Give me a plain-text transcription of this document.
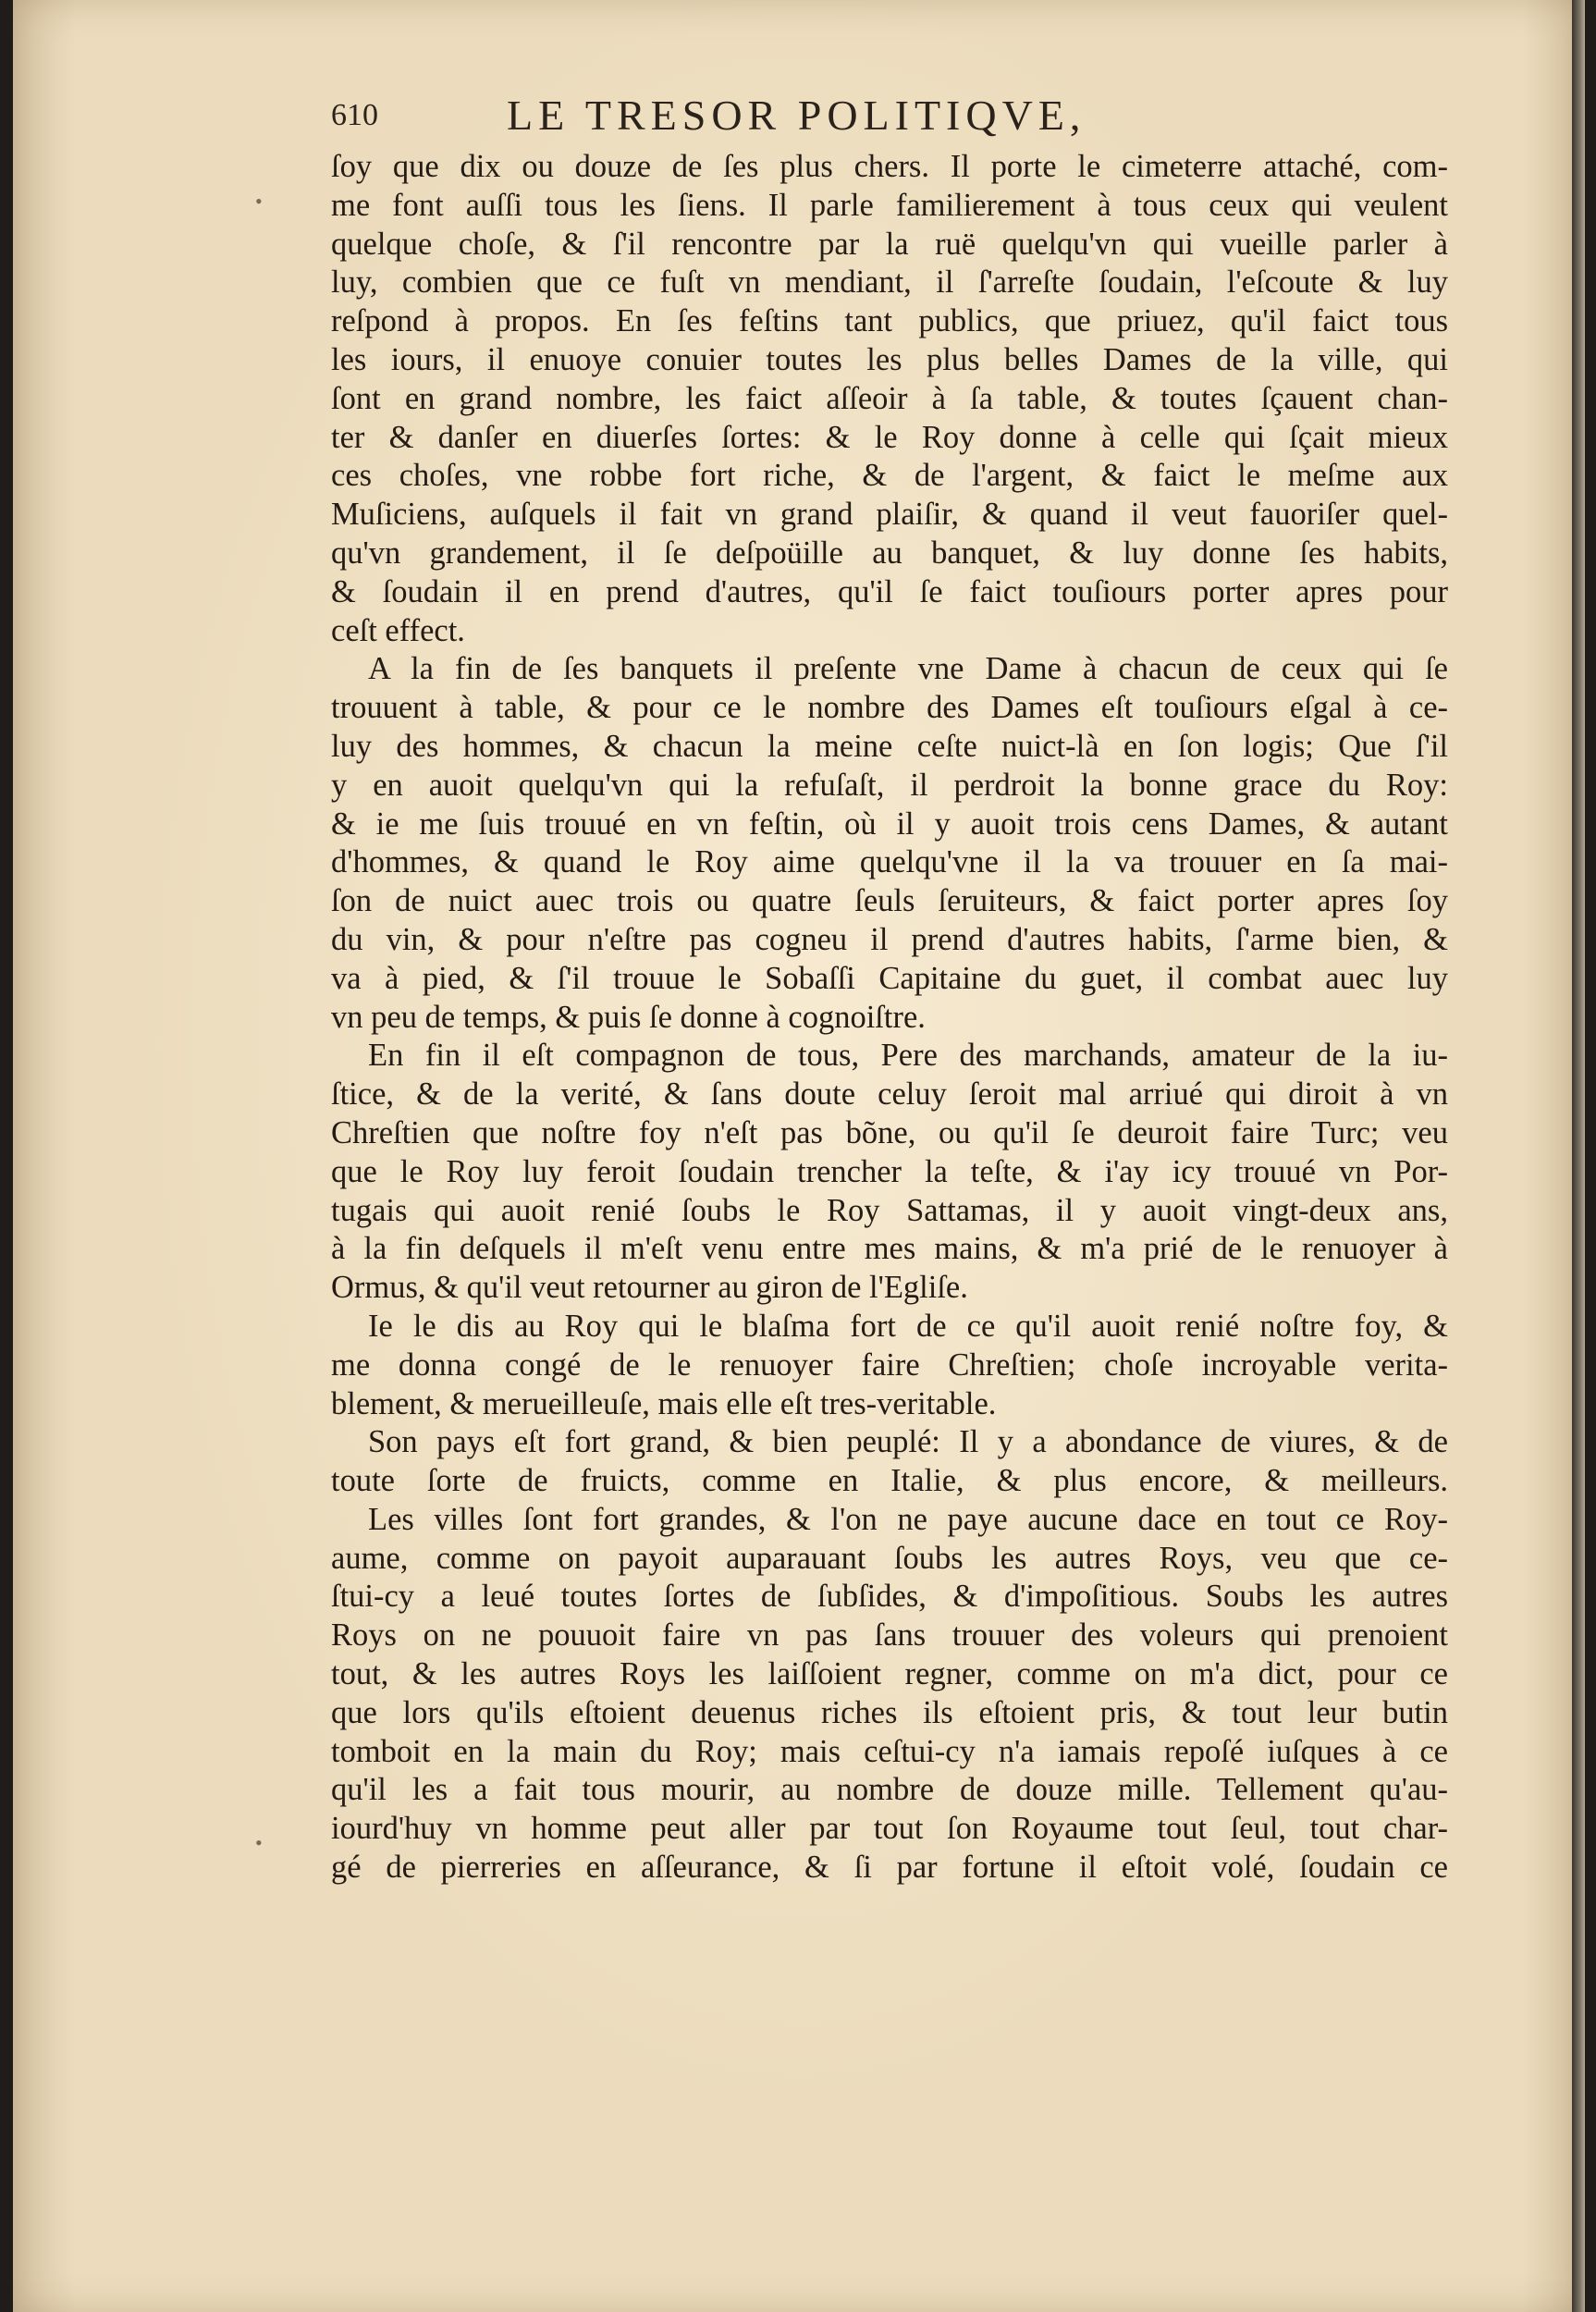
610	LE TRESOR POLITIQVE,
•
•
ſoy que dix ou douze de ſes plus chers. Il porte le cimeterre attaché, com-
me font auſſi tous les ſiens. Il parle familierement à tous ceux qui veulent
quelque choſe, & ſ'il rencontre par la ruë quelqu'vn qui vueille parler à
luy, combien que ce fuſt vn mendiant, il ſ'arreſte ſoudain, l'eſcoute & luy
reſpond à propos. En ſes feſtins tant publics, que priuez, qu'il faict tous
les iours, il enuoye conuier toutes les plus belles Dames de la ville, qui
ſont en grand nombre, les faict aſſeoir à ſa table, & toutes ſçauent chan-
ter & danſer en diuerſes ſortes: & le Roy donne à celle qui ſçait mieux
ces choſes, vne robbe fort riche, & de l'argent, & faict le meſme aux
Muſiciens, auſquels il fait vn grand plaiſir, & quand il veut fauoriſer quel-
qu'vn grandement, il ſe deſpoüille au banquet, & luy donne ſes habits,
& ſoudain il en prend d'autres, qu'il ſe faict touſiours porter apres pour
ceſt effect.
A la fin de ſes banquets il preſente vne Dame à chacun de ceux qui ſe
trouuent à table, & pour ce le nombre des Dames eſt touſiours eſgal à ce-
luy des hommes, & chacun la meine ceſte nuict-là en ſon logis; Que ſ'il
y en auoit quelqu'vn qui la refuſaſt, il perdroit la bonne grace du Roy:
& ie me ſuis trouué en vn feſtin, où il y auoit trois cens Dames, & autant
d'hommes, & quand le Roy aime quelqu'vne il la va trouuer en ſa mai-
ſon de nuict auec trois ou quatre ſeuls ſeruiteurs, & faict porter apres ſoy
du vin, & pour n'eſtre pas cogneu il prend d'autres habits, ſ'arme bien, &
va à pied, & ſ'il trouue le Sobaſſi Capitaine du guet, il combat auec luy
vn peu de temps, & puis ſe donne à cognoiſtre.
En fin il eſt compagnon de tous, Pere des marchands, amateur de la iu-
ſtice, & de la verité, & ſans doute celuy ſeroit mal arriué qui diroit à vn
Chreſtien que noſtre foy n'eſt pas bõne, ou qu'il ſe deuroit faire Turc; veu
que le Roy luy feroit ſoudain trencher la teſte, & i'ay icy trouué vn Por-
tugais qui auoit renié ſoubs le Roy Sattamas, il y auoit vingt-deux ans,
à la fin deſquels il m'eſt venu entre mes mains, & m'a prié de le renuoyer à
Ormus, & qu'il veut retourner au giron de l'Egliſe.
Ie le dis au Roy qui le blaſma fort de ce qu'il auoit renié noſtre foy, &
me donna congé de le renuoyer faire Chreſtien; choſe incroyable verita-
blement, & merueilleuſe, mais elle eſt tres-veritable.
Son pays eſt fort grand, & bien peuplé: Il y a abondance de viures, & de
toute ſorte de fruicts, comme en Italie, & plus encore, & meilleurs.
Les villes ſont fort grandes, & l'on ne paye aucune dace en tout ce Roy-
aume, comme on payoit auparauant ſoubs les autres Roys, veu que ce-
ſtui-cy a leué toutes ſortes de ſubſides, & d'impoſitious. Soubs les autres
Roys on ne pouuoit faire vn pas ſans trouuer des voleurs qui prenoient
tout, & les autres Roys les laiſſoient regner, comme on m'a dict, pour ce
que lors qu'ils eſtoient deuenus riches ils eſtoient pris, & tout leur butin
tomboit en la main du Roy; mais ceſtui-cy n'a iamais repoſé iuſques à ce
qu'il les a fait tous mourir, au nombre de douze mille. Tellement qu'au-
iourd'huy vn homme peut aller par tout ſon Royaume tout ſeul, tout char-
gé de pierreries en aſſeurance, & ſi par fortune il eſtoit volé, ſoudain ce
